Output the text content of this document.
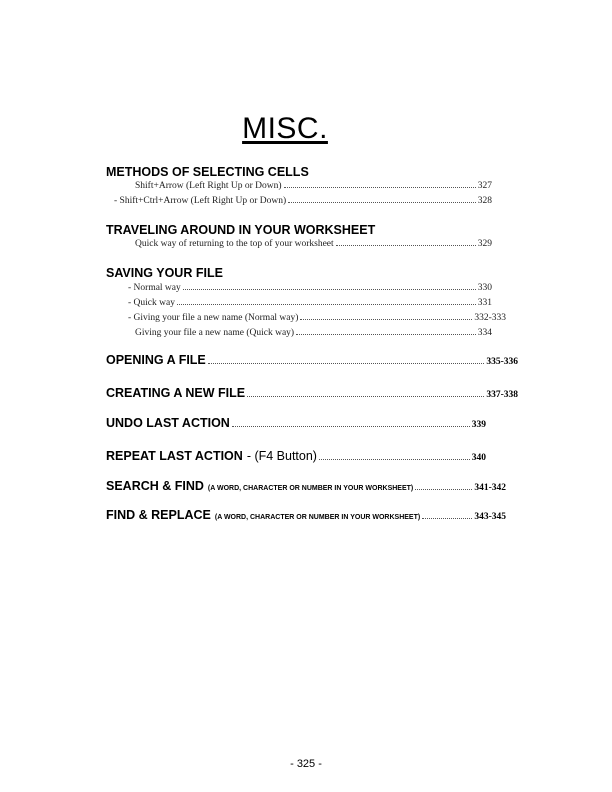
MISC.
METHODS OF SELECTING CELLS
Shift+Arrow (Left Right Up or Down)	327
- Shift+Ctrl+Arrow (Left Right Up or Down)	328
TRAVELING AROUND IN YOUR WORKSHEET
Quick way of returning to the top of your worksheet	329
SAVING YOUR FILE
- Normal way	330
- Quick way	331
- Giving your file a new name (Normal way)	332-333
Giving your file a new name (Quick way)	334
OPENING A FILE	335-336
CREATING A NEW FILE	337-338
UNDO LAST ACTION	339
REPEAT LAST ACTION - (F4 Button)	340
SEARCH & FIND (A WORD, CHARACTER OR NUMBER IN YOUR WORKSHEET)	341-342
FIND & REPLACE (A WORD, CHARACTER OR NUMBER IN YOUR WORKSHEET)	343-345
- 325 -
